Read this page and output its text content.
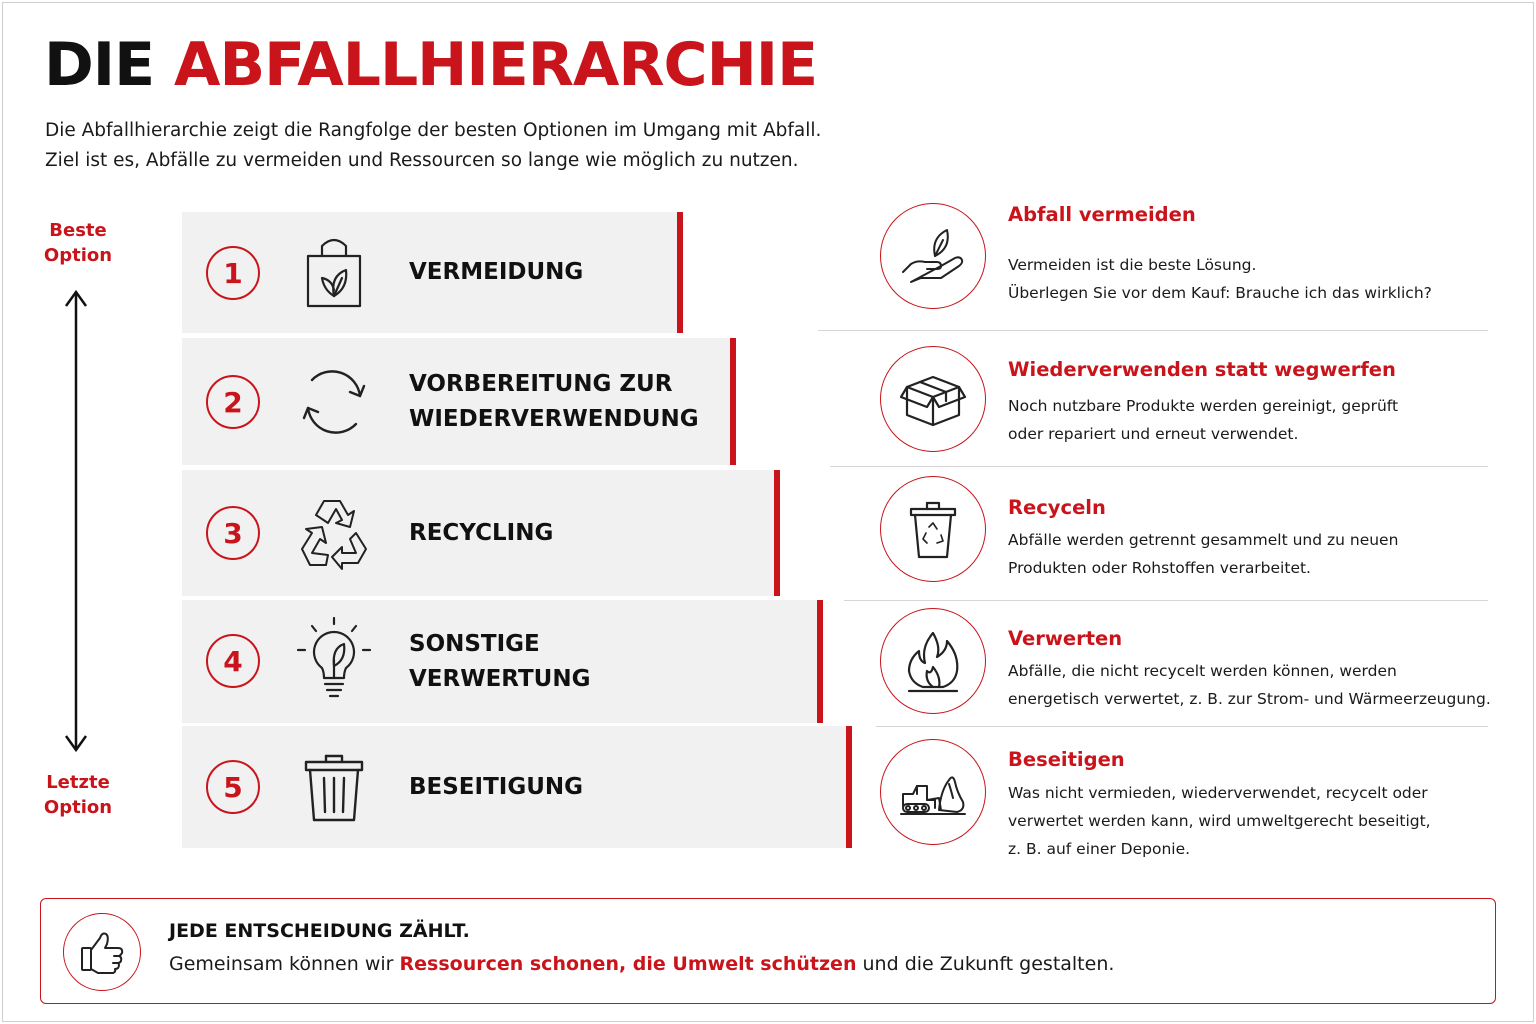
DIE ABFALLHIERARCHIE
Die Abfallhierarchie zeigt die Rangfolge der besten Optionen im Umgang mit Abfall.
Ziel ist es, Abfälle zu vermeiden und Ressourcen so lange wie möglich zu nutzen.
Beste
Option
Letzte
Option
1	VERMEIDUNG
2
VORBEREITUNG ZUR
WIEDERVERWENDUNG
3	RECYCLING
4
SONSTIGE
VERWERTUNG
5	BESEITIGUNG
Abfall vermeiden
Vermeiden ist die beste Lösung.
Überlegen Sie vor dem Kauf: Brauche ich das wirklich?
Wiederverwenden statt wegwerfen
Noch nutzbare Produkte werden gereinigt, geprüft
oder repariert und erneut verwendet.
Recyceln
Abfälle werden getrennt gesammelt und zu neuen
Produkten oder Rohstoffen verarbeitet.
Verwerten
Abfälle, die nicht recycelt werden können, werden
energetisch verwertet, z. B. zur Strom- und Wärmeerzeugung.
Beseitigen
Was nicht vermieden, wiederverwendet, recycelt oder
verwertet werden kann, wird umweltgerecht beseitigt,
z. B. auf einer Deponie.
JEDE ENTSCHEIDUNG ZÄHLT.
Gemeinsam können wir Ressourcen schonen, die Umwelt schützen und die Zukunft gestalten.
